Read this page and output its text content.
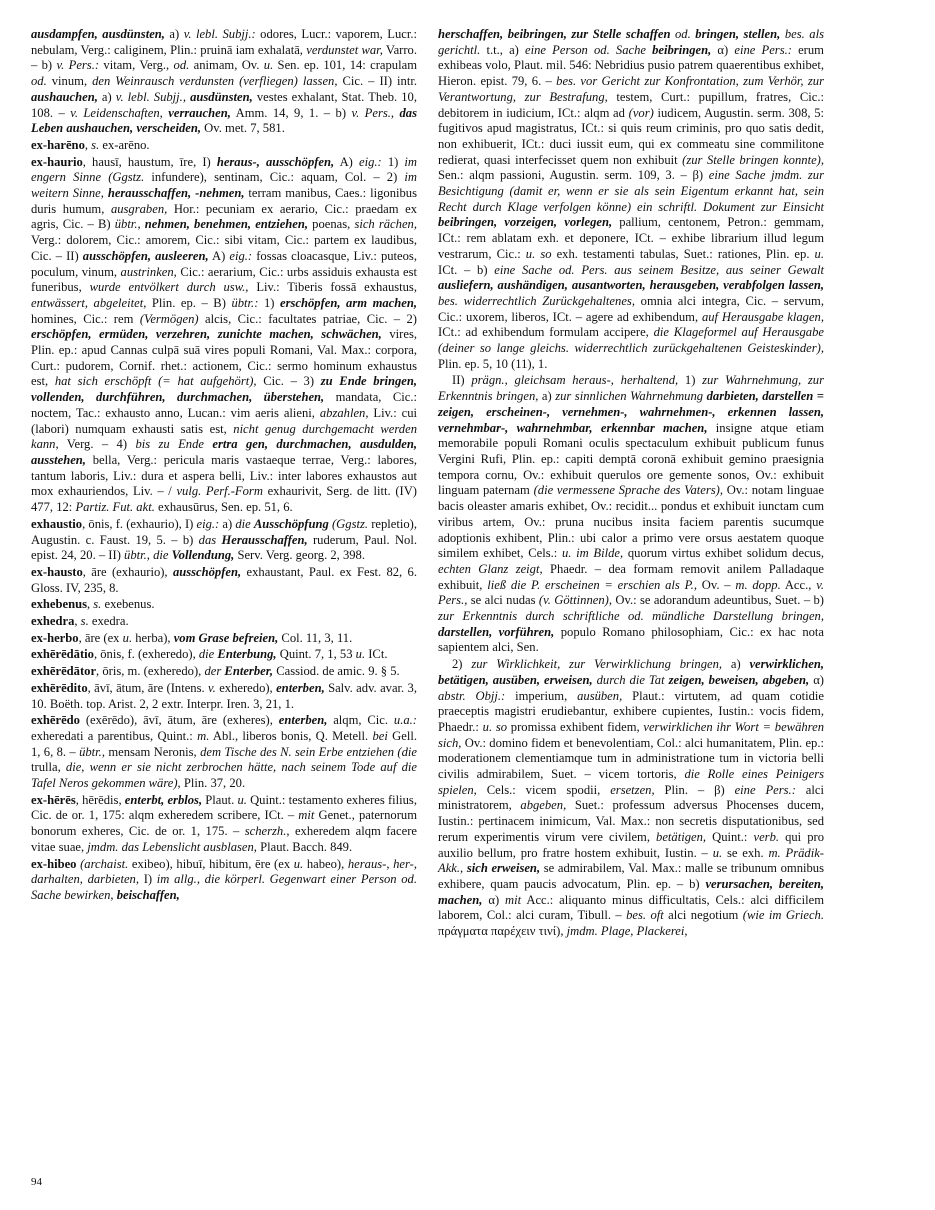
ausdampfen, ausdünsten, a) v. lebl. Subjj.: odores, Lucr.: vaporem, Lucr.: nebulam, Verg.: caliginem, Plin.: pruinā iam exhalatā, verdunstet war, Varro. – b) v. Pers.: vitam, Verg., od. animam, Ov. u. Sen. ep. 101, 14: crapulam od. vinum, den Weinrausch verdunsten (verfliegen) lassen, Cic. – II) intr. aushauchen, a) v. lebl. Subjj., ausdünsten, vestes exhalant, Stat. Theb. 10, 108. – v. Leidenschaften, verrauchen, Amm. 14, 9, 1. – b) v. Pers., das Leben aushauchen, verscheiden, Ov. met. 7, 581.

ex-harēno, s. ex-arēno.

ex-haurio, hausī, haustum, īre, I) heraus-, ausschöpfen, A) eig.: 1) im engern Sinne (Ggstz. infundere), sentinam, Cic.: aquam, Col. – 2) im weitern Sinne, herausschaffen, -nehmen, terram manibus, Caes.: ligonibus duris humum, ausgraben, Hor.: pecuniam ex aerario, Cic.: praedam ex agris, Cic. – B) übtr., nehmen, benehmen, entziehen, poenas, sich rächen, Verg.: dolorem, Cic.: amorem, Cic.: sibi vitam, Cic.: partem ex laudibus, Cic. – II) ausschöpfen, ausleeren, A) eig.: fossas cloacasque, Liv.: puteos, poculum, vinum, austrinken, Cic.: aerarium, Cic.: urbs assiduis exhausta est funeribus, wurde entvölkert durch usw., Liv.: Tiberis fossā exhaustus, entwässert, abgeleitet, Plin. ep. – B) übtr.: 1) erschöpfen, arm machen, homines, Cic.: rem (Vermögen) alcis, Cic.: facultates patriae, Cic. – 2) erschöpfen, ermüden, verzehren, zunichte machen, schwächen, vires, Plin. ep.: apud Cannas culpā suā vires populi Romani, Val. Max.: corpora, Curt.: pudorem, Cornif. rhet.: actionem, Cic.: sermo hominum exhaustus est, hat sich erschöpft (= hat aufgehört), Cic. – 3) zu Ende bringen, vollenden, durchführen, durchmachen, überstehen, mandata, Cic.: noctem, Tac.: exhausto anno, Lucan.: vim aeris alieni, abzahlen, Liv.: cui (labori) numquam exhausti satis est, nicht genug durchgemacht werden kann, Verg. – 4) bis zu Ende ertra gen, durchmachen, ausdulden, ausstehen, bella, Verg.: pericula maris vastaeque terrae, Verg.: labores, tantum laboris, Liv.: dura et aspera belli, Liv.: inter labores exhaustos aut mox exhauriendos, Liv. – / vulg. Perf.-Form exhaurivit, Serg. de litt. (IV) 477, 12: Partiz. Fut. akt. exhausūrus, Sen. ep. 51, 6.

exhaustio, ōnis, f. (exhaurio), I) eig.: a) die Ausschöpfung (Ggstz. repletio), Augustin. c. Faust. 19, 5. – b) das Herausschaffen, ruderum, Paul. Nol. epist. 24, 20. – II) übtr., die Vollendung, Serv. Verg. georg. 2, 398.

ex-hausto, āre (exhaurio), ausschöpfen, exhaustant, Paul. ex Fest. 82, 6. Gloss. IV, 235, 8.

exhebenus, s. exebenus.

exhedra, s. exedra.

ex-herbo, āre (ex u. herba), vom Grase befreien, Col. 11, 3, 11.

exhērēdātio, ōnis, f. (exheredo), die Enterbung, Quint. 7, 1, 53 u. ICt.

exhērēdātor, ōris, m. (exheredo), der Enterber, Cassiod. de amic. 9. § 5.

exhērēdito, āvī, ātum, āre (Intens. v. exheredo), enterben, Salv. adv. avar. 3, 10. Boëth. top. Arist. 2, 2 extr. Interpr. Iren. 3, 21, 1.

exhērēdo (exērēdo), āvī, ātum, āre (exheres), enterben, alqm, Cic. u.a.: exheredati a parentibus, Quint.: m. Abl., liberos bonis, Q. Metell. bei Gell. 1, 6, 8. – übtr., mensam Neronis, dem Tische des N. sein Erbe entziehen (die trulla, die, wenn er sie nicht zerbrochen hätte, nach seinem Tode auf die Tafel Neros gekommen wäre), Plin. 37, 20.

ex-hērēs, hērēdis, enterbt, erblos, Plaut. u. Quint.: testamento exheres filius, Cic. de or. 1, 175: alqm exheredem scribere, ICt. – mit Genet., paternorum bonorum exheres, Cic. de or. 1, 175. – scherzh., exheredem alqm facere vitae suae, jmdm. das Lebenslicht ausblasen, Plaut. Bacch. 849.

ex-hibeo (archaist. exibeo), hibuī, hibitum, ēre (ex u. habeo), heraus-, her-, darhalten, darbieten, I) im allg., die körperl. Gegenwart einer Person od. Sache bewirken, beischaffen,

herschaffen, beibringen, zur Stelle schaffen od. bringen, stellen, bes. als gerichtl. t.t., a) eine Person od. Sache beibringen, α) eine Pers.: erum exhibeas volo, Plaut. mil. 546: Nebridius pusio patrem quaerentibus exhibet, Hieron. epist. 79, 6. – bes. vor Gericht zur Konfrontation, zum Verhör, zur Verantwortung, zur Bestrafung, testem, Curt.: pupillum, fratres, Cic.: debitorem in iudicium, ICt.: alqm ad (vor) iudicem, Augustin. serm. 308, 5: fugitivos apud magistratus, ICt.: si quis reum criminis, pro quo satis dedit, non exhibuerit, ICt.: duci iussit eum, qui ex commeatu sine commilitone redierat, quasi interfecisset quem non exhibuit (zur Stelle bringen konnte), Sen.: alqm passioni, Augustin. serm. 109, 3. – β) eine Sache jmdm. zur Besichtigung (damit er, wenn er sie als sein Eigentum erkannt hat, sein Recht durch Klage verfolgen könne) ein schriftl. Dokument zur Einsicht beibringen, vorzeigen, vorlegen, pallium, centonem, Petron.: gemmam, ICt.: rem ablatam exh. et deponere, ICt. – exhibe librarium illud legum vestrarum, Cic.: u. so exh. testamenti tabulas, Suet.: rationes, Plin. ep. u. ICt. – b) eine Sache od. Pers. aus seinem Besitze, aus seiner Gewalt ausliefern, aushändigen, ausantworten, herausgeben, verabfolgen lassen, bes. widerrechtlich Zurückgehaltenes, omnia alci integra, Cic. – servum, Cic.: uxorem, liberos, ICt. – agere ad exhibendum, auf Herausgabe klagen, ICt.: ad exhibendum formulam accipere, die Klageformel auf Herausgabe (deiner so lange gleichs. widerrechtlich zurückgehaltenen Geisteskinder), Plin. ep. 5, 10 (11), 1.

II) prägn., gleichsam heraus-, herhaltend, 1) zur Wahrnehmung, zur Erkenntnis bringen, a) zur sinnlichen Wahrnehmung darbieten, darstellen = zeigen, erscheinen-, vernehmen-, wahrnehmen-, erkennen lassen, vernehmbar-, wahrnehmbar, erkennbar machen, insigne atque etiam memorabile populi Romani oculis spectaculum exhibuit publicum funus Vergini Rufi, Plin. ep.: capiti demptā coronā exhibuit gemino praesignia tempora cornu, Ov.: exhibuit querulos ore gemente sonos, Ov.: exhibuit linguam paternam (die vermessene Sprache des Vaters), Ov.: notam linguae bacis oleaster amaris exhibet, Ov.: recidit... pondus et exhibuit iunctam cum viribus artem, Ov.: pruna nucibus insita faciem parentis sucumque adoptionis exhibent, Plin.: ubi calor a primo vere orsus aestatem quoque similem exhibet, Cels.: u. im Bilde, quorum virtus exhibet solidum decus, echten Glanz zeigt, Phaedr. – dea formam removit anilem Palladaque exhibuit, ließ die P. erscheinen = erschien als P., Ov. – m. dopp. Acc., v. Pers., se alci nudas (v. Göttinnen), Ov.: se adorandum adeuntibus, Suet. – b) zur Erkenntnis durch schriftliche od. mündliche Darstellung bringen, darstellen, vorführen, populo Romano philosophiam, Cic.: ex hac nota sapientem alci, Sen.

2) zur Wirklichkeit, zur Verwirklichung bringen, a) verwirklichen, betätigen, ausüben, erweisen, durch die Tat zeigen, beweisen, abgeben, α) abstr. Objj.: imperium, ausüben, Plaut.: virtutem, ad quam cotidie praeceptis magistri erudiebantur, exhibere cupientes, Iustin.: vocis fidem, Phaedr.: u. so promissa exhibent fidem, verwirklichen ihr Wort = bewähren sich, Ov.: domino fidem et benevolentiam, Col.: alci humanitatem, Plin. ep.: moderationem clementiamque tum in administratione tum in victoria belli civilis admirabilem, Suet. – vicem tortoris, die Rolle eines Peinigers spielen, Cels.: vicem spodii, ersetzen, Plin. – β) eine Pers.: alci ministratorem, abgeben, Suet.: professum adversus Phocenses ducem, Iustin.: pertinacem inimicum, Val. Max.: non secretis disputationibus, sed rerum experimentis virum vere civilem, betätigen, Quint.: verb. qui pro auxilio bellum, pro fratre hostem exhibuit, Iustin. – u. se exh. m. Prädik-Akk., sich erweisen, se admirabilem, Val. Max.: malle se tribunum omnibus exhibere, quam paucis advocatum, Plin. ep. – b) verursachen, bereiten, machen, α) mit Acc.: aliquanto minus difficultatis, Cels.: alci difficilem laborem, Col.: alci curam, Tibull. – bes. oft alci negotium (wie im Griech. πράγματα παρέχειν τινί), jmdm. Plage, Plackerei,

94
